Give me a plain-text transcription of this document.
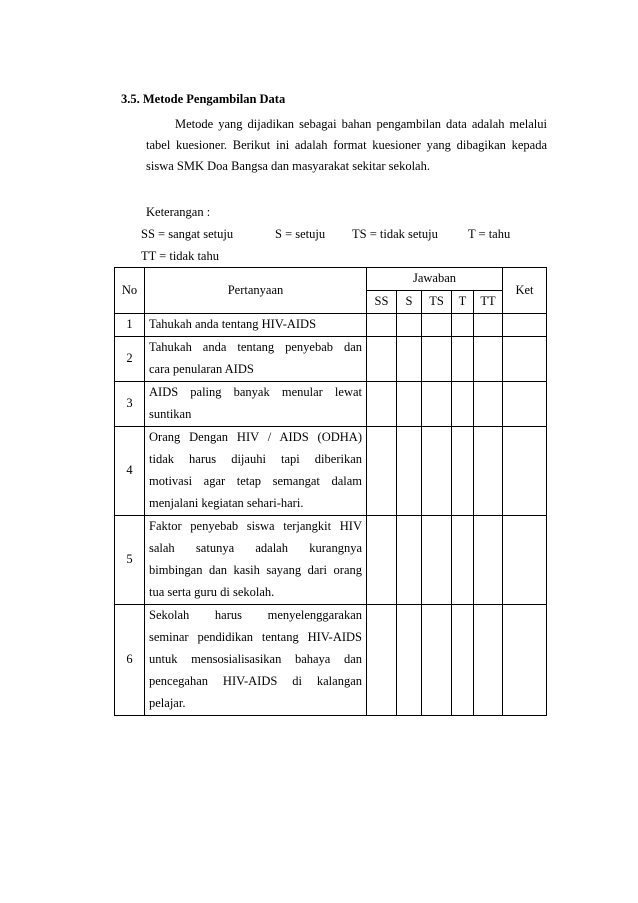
3.5. Metode Pengambilan Data
Metode yang dijadikan sebagai bahan pengambilan data adalah melalui
tabel kuesioner. Berikut ini adalah format kuesioner yang dibagikan kepada
siswa SMK Doa Bangsa dan masyarakat sekitar sekolah.
Keterangan :
SS = sangat setuju	S = setuju TS = tidak setuju T = tahu
TT = tidak tahu
No	Pertanyaan	Jawaban					Ket
		SS	S	TS	T	TT	
1	Tahukah anda tentang HIV-AIDS						

2	Tahukah anda tentang penyebab dan
cara penularan AIDS						

3	AIDS paling banyak menular lewat
suntikan						

4	Orang Dengan HIV / AIDS (ODHA)
tidak harus dijauhi tapi diberikan
motivasi agar tetap semangat dalam
menjalani kegiatan sehari-hari.						

5	Faktor penyebab siswa terjangkit HIV
salah satunya adalah kurangnya
bimbingan dan kasih sayang dari orang
tua serta guru di sekolah.						

6	Sekolah harus menyelenggarakan
seminar pendidikan tentang HIV-AIDS
untuk mensosialisasikan bahaya dan
pencegahan HIV-AIDS di kalangan
pelajar.						
